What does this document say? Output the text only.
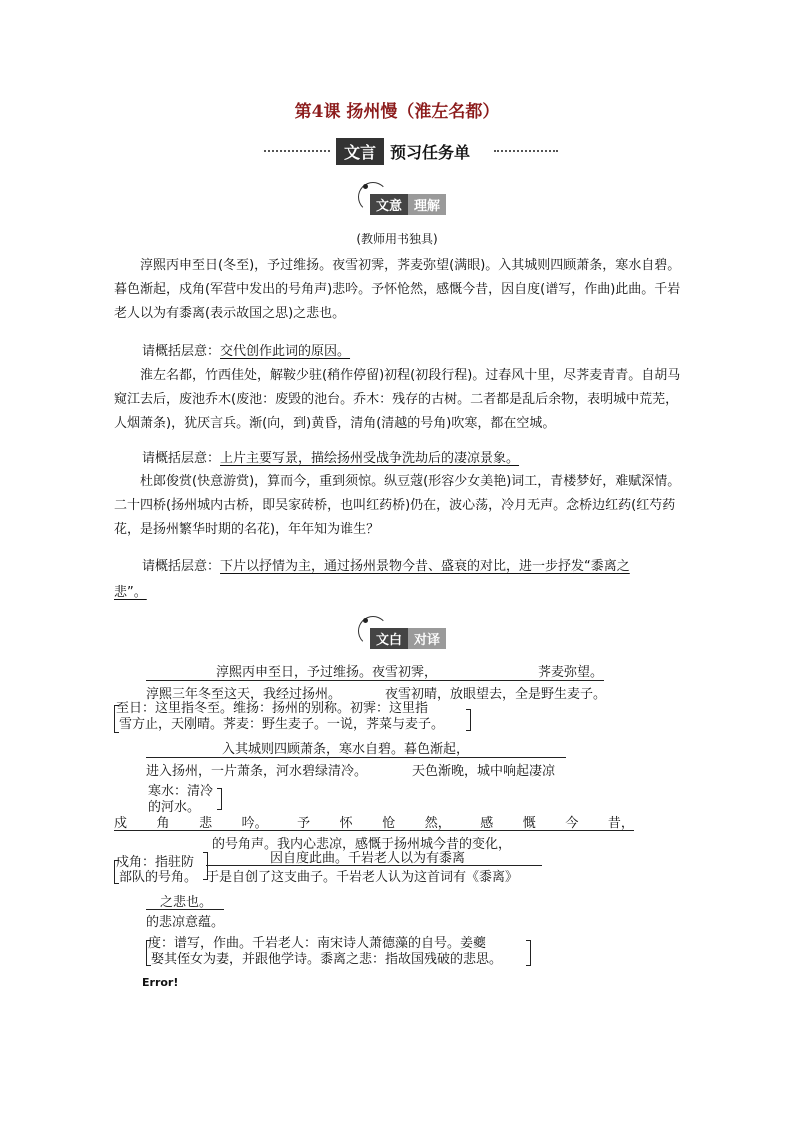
第4课 扬州慢（淮左名都）
文言 预习任务单
文意 理解
(教师用书独具)
淳熙丙申至日(冬至)，予过维扬。夜雪初霁，荠麦弥望(满眼)。入其城则四顾萧条，寒水自碧。暮色渐起，戍角(军营中发出的号角声)悲吟。予怀怆然，感慨今昔，因自度(谱写，作曲)此曲。千岩老人以为有黍离(表示故国之思)之悲也。
请概括层意：交代创作此词的原因。
淮左名都，竹西佳处，解鞍少驻(稍作停留)初程(初段行程)。过春风十里，尽荠麦青青。自胡马窥江去后，废池乔木(废池：废毁的池台。乔木：残存的古树。二者都是乱后余物，表明城中荒芜，人烟萧条)，犹厌言兵。渐(向，到)黄昏，清角(清越的号角)吹寒，都在空城。
请概括层意：上片主要写景，描绘扬州受战争洗劫后的凄凉景象。
杜郎俊赏(快意游赏)，算而今，重到须惊。纵豆蔻(形容少女美艳)词工，青楼梦好，难赋深情。二十四桥(扬州城内古桥，即吴家砖桥，也叫红药桥)仍在，波心荡，冷月无声。念桥边红药(红芍药花，是扬州繁华时期的名花)，年年知为谁生？
请概括层意：下片以抒情为主，通过扬州景物今昔、盛衰的对比，进一步抒发“黍离之
悲”。
文白 对译
淳熙丙申至日，予过维扬。夜雪初霁，	荠麦弥望。
淳熙三年冬至这天，我经过扬州。	夜雪初晴，放眼望去，全是野生麦子。
至日：这里指冬至。维扬：扬州的别称。初霁：这里指
雪方止，天刚晴。荠麦：野生麦子。一说，荠菜与麦子。
入其城则四顾萧条，寒水自碧。暮色渐起，
进入扬州，一片萧条，河水碧绿清冷。	天色渐晚，城中响起凄凉
寒水：清冷
的河水。
戍 角 悲 吟。 予 怀 怆 然， 感 慨 今 昔，
的号角声。我内心悲凉，感慨于扬州城今昔的变化，
戍角：指驻防
部队的号角。
因自度此曲。千岩老人以为有黍离
于是自创了这支曲子。千岩老人认为这首词有《黍离》
之悲也。
的悲凉意蕴。
度：谱写，作曲。千岩老人：南宋诗人萧德藻的自号。姜夔
娶其侄女为妻，并跟他学诗。黍离之悲：指故国残破的悲思。
Error!
